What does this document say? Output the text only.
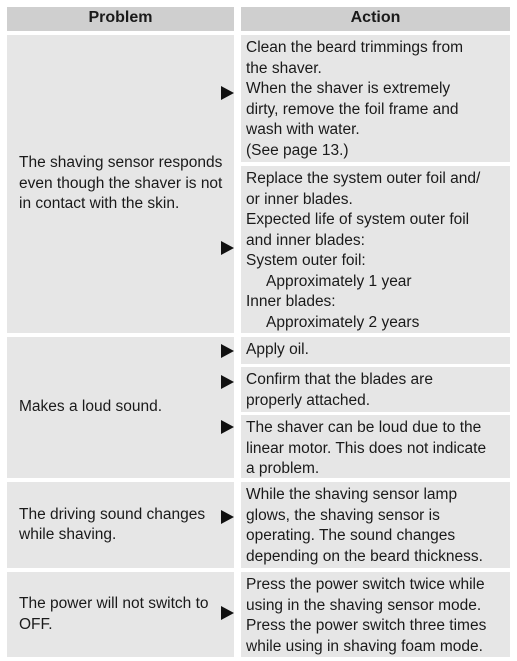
Problem	Action
The shaving sensor responds even though the shaver is not in contact with the skin.
Clean the beard trimmings from
the shaver.
When the shaver is extremely
dirty, remove the foil frame and
wash with water.
(See page 13.)
Replace the system outer foil and/
or inner blades.
Expected life of system outer foil
and inner blades:
System outer foil:
Approximately 1 year
Inner blades:
Approximately 2 years
Makes a loud sound.
Apply oil.
Confirm that the blades are
properly attached.
The shaver can be loud due to the
linear motor. This does not indicate
a problem.
The driving sound changes while shaving.
While the shaving sensor lamp
glows, the shaving sensor is
operating. The sound changes
depending on the beard thickness.
The power will not switch to OFF.
Press the power switch twice while
using in the shaving sensor mode.
Press the power switch three times
while using in shaving foam mode.
